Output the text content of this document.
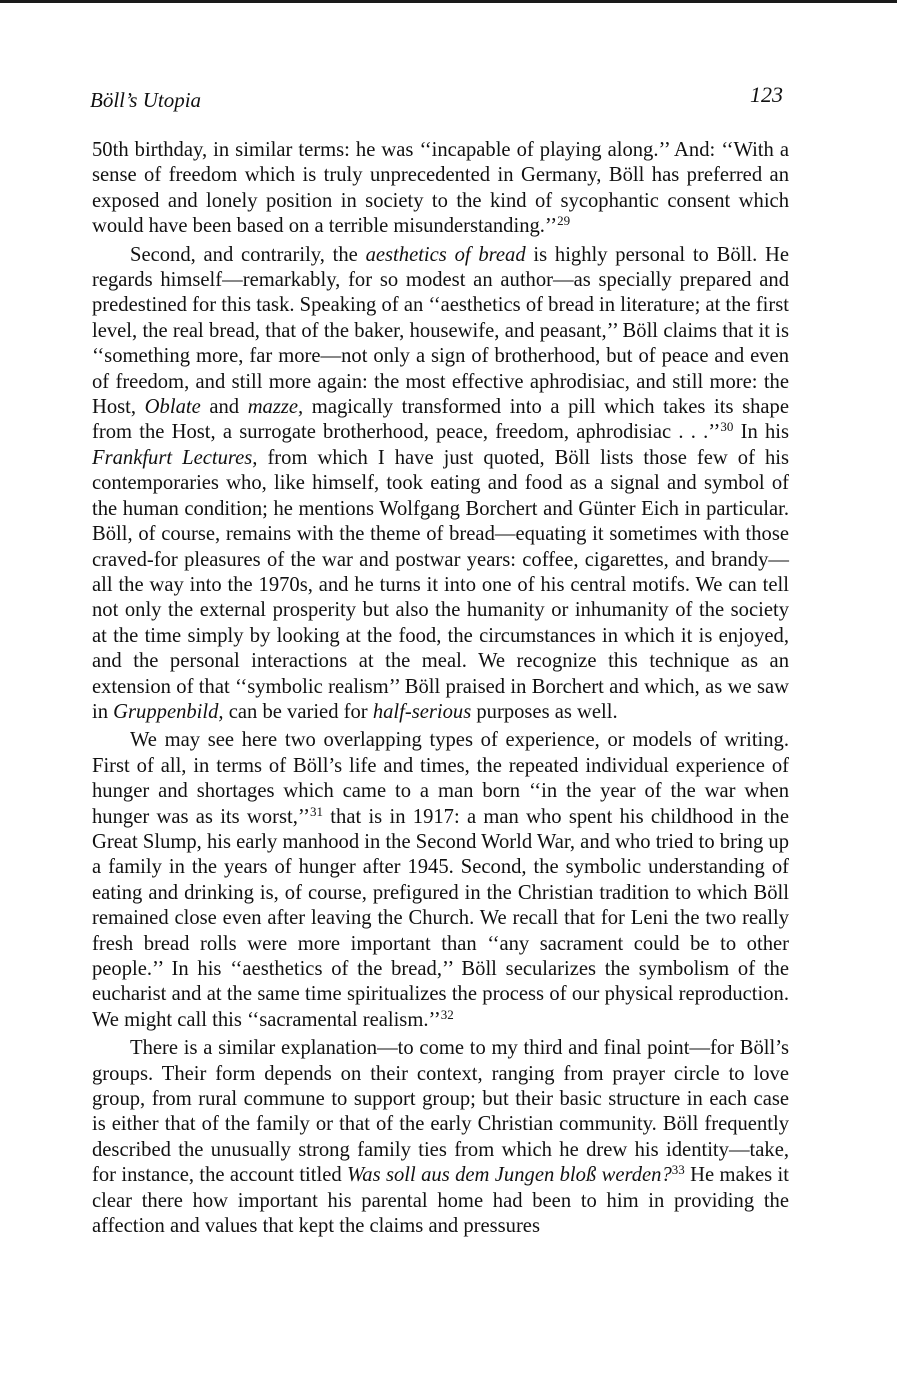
Böll’s Utopia	123

50th birthday, in similar terms: he was ‘‘incapable of playing along.’’ And: ‘‘With a sense of freedom which is truly unprecedented in Germany, Böll has preferred an exposed and lonely position in society to the kind of sycophantic consent which would have been based on a terrible misunderstanding.’’$^{29}$

Second, and contrarily, the aesthetics of bread is highly personal to Böll. He regards himself—remarkably, for so modest an author—as specially prepared and predestined for this task. Speaking of an ‘‘aesthetics of bread in literature; at the first level, the real bread, that of the baker, housewife, and peasant,’’ Böll claims that it is ‘‘something more, far more—not only a sign of brotherhood, but of peace and even of freedom, and still more again: the most effective aphrodisiac, and still more: the Host, Oblate and mazze, magically transformed into a pill which takes its shape from the Host, a surrogate brotherhood, peace, freedom, aphrodisiac . . .’’$^{30}$ In his Frankfurt Lectures, from which I have just quoted, Böll lists those few of his contemporaries who, like himself, took eating and food as a signal and symbol of the human condition; he mentions Wolfgang Borchert and Günter Eich in particular. Böll, of course, remains with the theme of bread—equating it sometimes with those craved-for pleasures of the war and postwar years: coffee, cigarettes, and brandy—all the way into the 1970s, and he turns it into one of his central motifs. We can tell not only the external prosperity but also the humanity or inhumanity of the society at the time simply by looking at the food, the circumstances in which it is enjoyed, and the personal interactions at the meal. We recognize this technique as an extension of that ‘‘symbolic realism’’ Böll praised in Borchert and which, as we saw in Gruppenbild, can be varied for half-serious purposes as well.

We may see here two overlapping types of experience, or models of writing. First of all, in terms of Böll’s life and times, the repeated individual experience of hunger and shortages which came to a man born ‘‘in the year of the war when hunger was as its worst,’’$^{31}$ that is in 1917: a man who spent his childhood in the Great Slump, his early manhood in the Second World War, and who tried to bring up a family in the years of hunger after 1945. Second, the symbolic understanding of eating and drinking is, of course, prefigured in the Christian tradition to which Böll remained close even after leaving the Church. We recall that for Leni the two really fresh bread rolls were more important than ‘‘any sacrament could be to other people.’’ In his ‘‘aesthetics of the bread,’’ Böll secularizes the symbolism of the eucharist and at the same time spiritualizes the process of our physical reproduction. We might call this ‘‘sacramental realism.’’$^{32}$

There is a similar explanation—to come to my third and final point—for Böll’s groups. Their form depends on their context, ranging from prayer circle to love group, from rural commune to support group; but their basic structure in each case is either that of the family or that of the early Christian community. Böll frequently described the unusually strong family ties from which he drew his identity—take, for instance, the account titled Was soll aus dem Jungen bloß werden?$^{33}$ He makes it clear there how important his parental home had been to him in providing the affection and values that kept the claims and pressures
